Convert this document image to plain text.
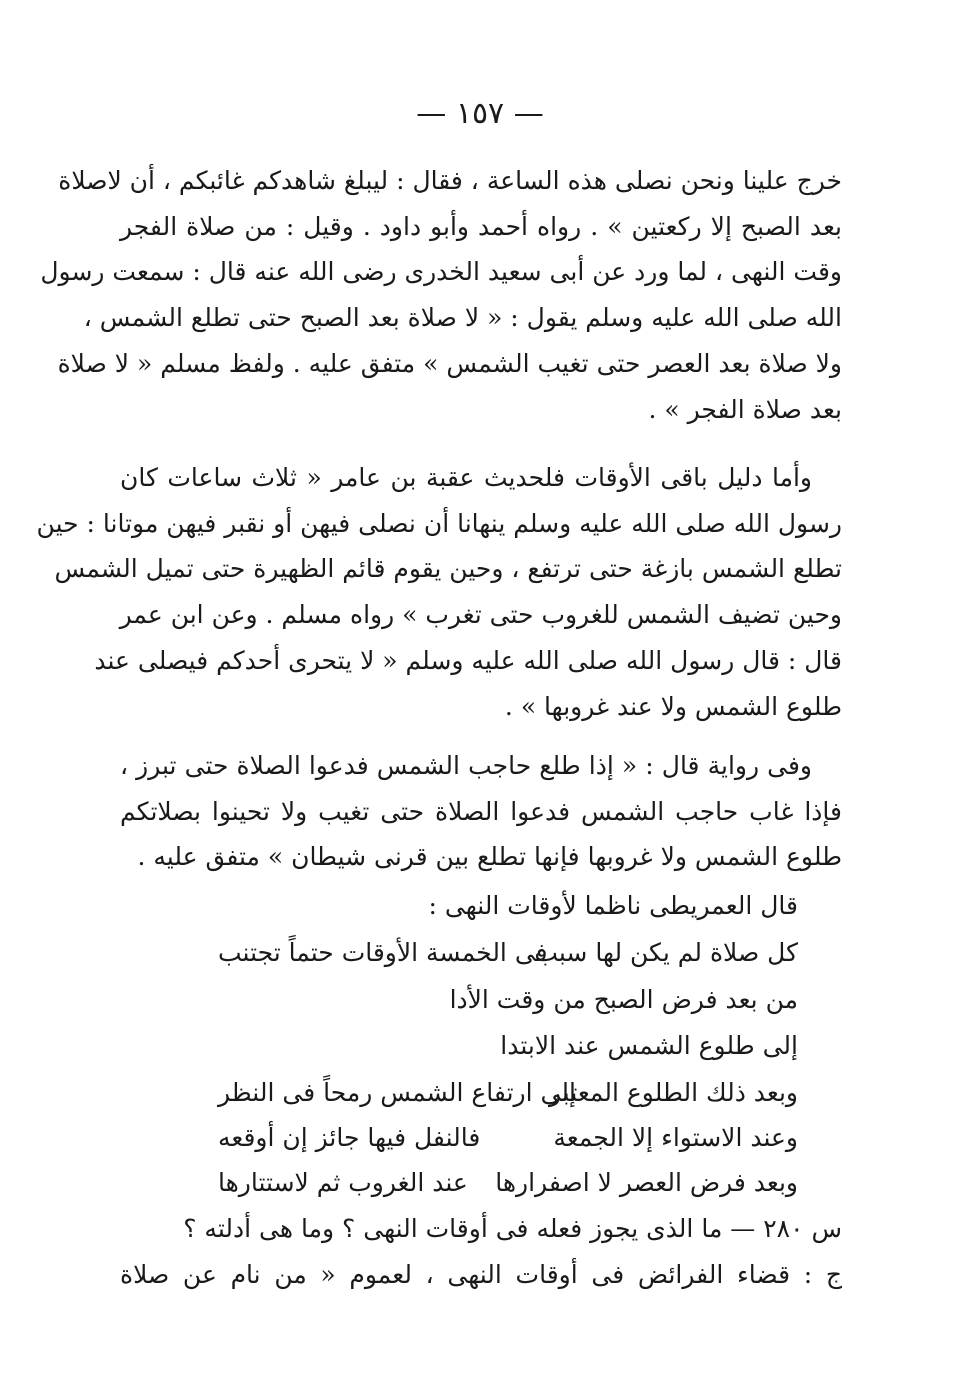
— ١٥٧ —
خرج علينا ونحن نصلى هذه الساعة ، فقال : ليبلغ شاهدكم غائبكم ، أن لاصلاة
بعد الصبح إلا ركعتين » . رواه أحمد وأبو داود . وقيل : من صلاة الفجر
وقت النهى ، لما ورد عن أبى سعيد الخدرى رضى الله عنه قال : سمعت رسول
الله صلى الله عليه وسلم يقول : « لا صلاة بعد الصبح حتى تطلع الشمس ،
ولا صلاة بعد العصر حتى تغيب الشمس » متفق عليه . ولفظ مسلم « لا صلاة
بعد صلاة الفجر » .
وأما دليل باقى الأوقات فلحديث عقبة بن عامر « ثلاث ساعات كان
رسول الله صلى الله عليه وسلم ينهانا أن نصلى فيهن أو نقبر فيهن موتانا : حين
تطلع الشمس بازغة حتى ترتفع ، وحين يقوم قائم الظهيرة حتى تميل الشمس
وحين تضيف الشمس للغروب حتى تغرب » رواه مسلم . وعن ابن عمر
قال : قال رسول الله صلى الله عليه وسلم « لا يتحرى أحدكم فيصلى عند
طلوع الشمس ولا عند غروبها » .
وفى رواية قال : « إذا طلع حاجب الشمس فدعوا الصلاة حتى تبرز ،
فإذا غاب حاجب الشمس فدعوا الصلاة حتى تغيب ولا تحينوا بصلاتكم
طلوع الشمس ولا غروبها فإنها تطلع بين قرنى شيطان » متفق عليه .
قال العمريطى ناظما لأوقات النهى :
كل صلاة لم يكن لها سبب
فى الخمسة الأوقات حتماً تجتنب
من بعد فرض الصبح من وقت الأدا
إلى طلوع الشمس عند الابتدا
وبعد ذلك الطلوع المعتبر
إلى ارتفاع الشمس رمحاً فى النظر
وعند الاستواء إلا الجمعة
فالنفل فيها جائز إن أوقعه
وبعد فرض العصر لا اصفرارها
عند الغروب ثم لاستتارها
س ٢٨٠ — ما الذى يجوز فعله فى أوقات النهى ؟ وما هى أدلته ؟
ج : قضاء الفرائض فى أوقات النهى ، لعموم « من نام عن صلاة
